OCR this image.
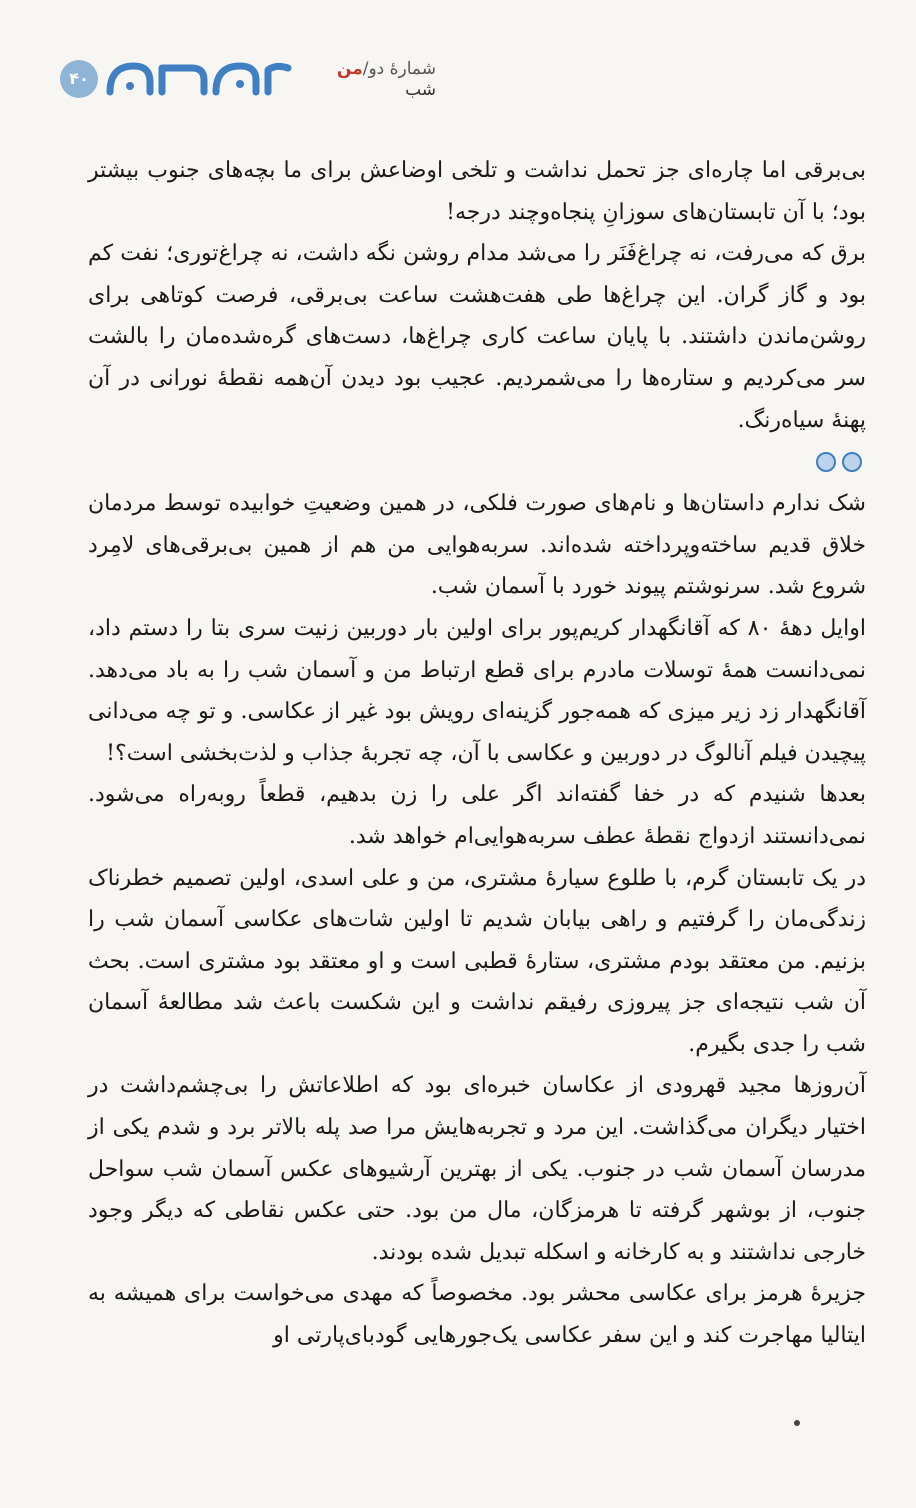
۴۰	شمارهٔ دو/من
شب

بی‌برقی اما چاره‌ای جز تحمل نداشت و تلخی اوضاعش برای ما بچه‌های جنوب بیشتر بود؛ با آن تابستان‌های سوزانِ پنجاه‌وچند درجه!

برق که می‌رفت، نه چراغ‌فَنَر را می‌شد مدام روشن نگه داشت، نه چراغ‌توری؛ نفت کم بود و گاز گران. این چراغ‌ها طی هفت‌هشت ساعت بی‌برقی، فرصت کوتاهی برای روشن‌ماندن داشتند. با پایان ساعت کاری چراغ‌ها، دست‌های گره‌شده‌مان را بالشت سر می‌کردیم و ستاره‌ها را می‌شمردیم. عجیب بود دیدن آن‌همه نقطهٔ نورانی در آن پهنهٔ سیاه‌رنگ.

شک ندارم داستان‌ها و نام‌های صورت فلکی، در همین وضعیتِ خوابیده توسط مردمان خلاق قدیم ساخته‌وپرداخته شده‌اند. سربه‌هوایی من هم از همین بی‌برقی‌های لامِرد شروع شد. سرنوشتم پیوند خورد با آسمان شب.

اوایل دههٔ ۸۰ که آقانگهدار کریم‌پور برای اولین بار دوربین زنیت سری بتا را دستم داد، نمی‌دانست همهٔ توسلات مادرم برای قطع ارتباط من و آسمان شب را به باد می‌دهد. آقانگهدار زد زیر میزی که همه‌جور گزینه‌ای رویش بود غیر از عکاسی. و تو چه می‌دانی پیچیدن فیلم آنالوگ در دوربین و عکاسی با آن، چه تجربهٔ جذاب و لذت‌بخشی است؟!

بعدها شنیدم که در خفا گفته‌اند اگر علی را زن بدهیم، قطعاً روبه‌راه می‌شود. نمی‌دانستند ازدواج نقطهٔ عطف سربه‌هوایی‌ام خواهد شد.

در یک تابستان گرم، با طلوع سیارهٔ مشتری، من و علی اسدی، اولین تصمیم خطرناک زندگی‌مان را گرفتیم و راهی بیابان شدیم تا اولین شات‌های عکاسی آسمان شب را بزنیم. من معتقد بودم مشتری، ستارهٔ قطبی است و او معتقد بود مشتری است. بحث آن شب نتیجه‌ای جز پیروزی رفیقم نداشت و این شکست باعث شد مطالعهٔ آسمان شب را جدی بگیرم.

آن‌روزها مجید قهرودی از عکاسان خبره‌ای بود که اطلاعاتش را بی‌چشم‌داشت در اختیار دیگران می‌گذاشت. این مرد و تجربه‌هایش مرا صد پله بالاتر برد و شدم یکی از مدرسان آسمان شب در جنوب. یکی از بهترین آرشیوهای عکس آسمان شب سواحل جنوب، از بوشهر گرفته تا هرمزگان، مال من بود. حتی عکس نقاطی که دیگر وجود خارجی نداشتند و به کارخانه و اسکله تبدیل شده بودند.

جزیرهٔ هرمز برای عکاسی محشر بود. مخصوصاً که مهدی می‌خواست برای همیشه به ایتالیا مهاجرت کند و این سفر عکاسی یک‌جورهایی گودبای‌پارتی او
